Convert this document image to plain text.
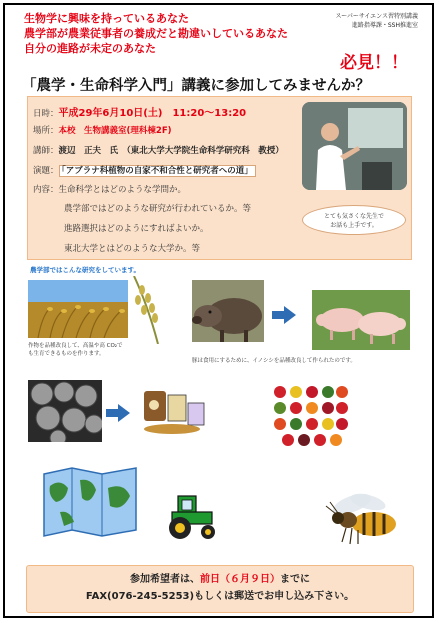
生物学に興味を持っているあなた
農学部が農業従事者の養成だと勘違いしているあなた
自分の進路が未定のあなた
スーパーサイエンス習特別講義
進路指導課・SSH推進室
必見！！
「農学・生命科学入門」講義に参加してみませんか？
日時：平成29年6月10日(土)　11:20～13:20
場所：本校　生物講義室(理科棟2F)
講師：渡辺　正夫　氏　（東北大学大学院生命科学研究科　教授）
演題： 「アブラナ科植物の自家不和合性と研究者への道」
内容：生命科学とはどのような学問か。
農学部ではどのような研究が行われているか。等
進路選択はどのようにすればよいか。
東北大学とはどのような大学か。等
とても気さくな先生で
お話も上手です。
農学部ではこんな研究をしています。
作物を品種改良して、高温や高 CO₂で
も生育できるものを作ります。
豚は食用にするために、イノシシを品種改良して作られたのです。
参加希望者は、前日（６月９日）までに
FAX(076-245-5253)もしくは郵送でお申し込み下さい。
